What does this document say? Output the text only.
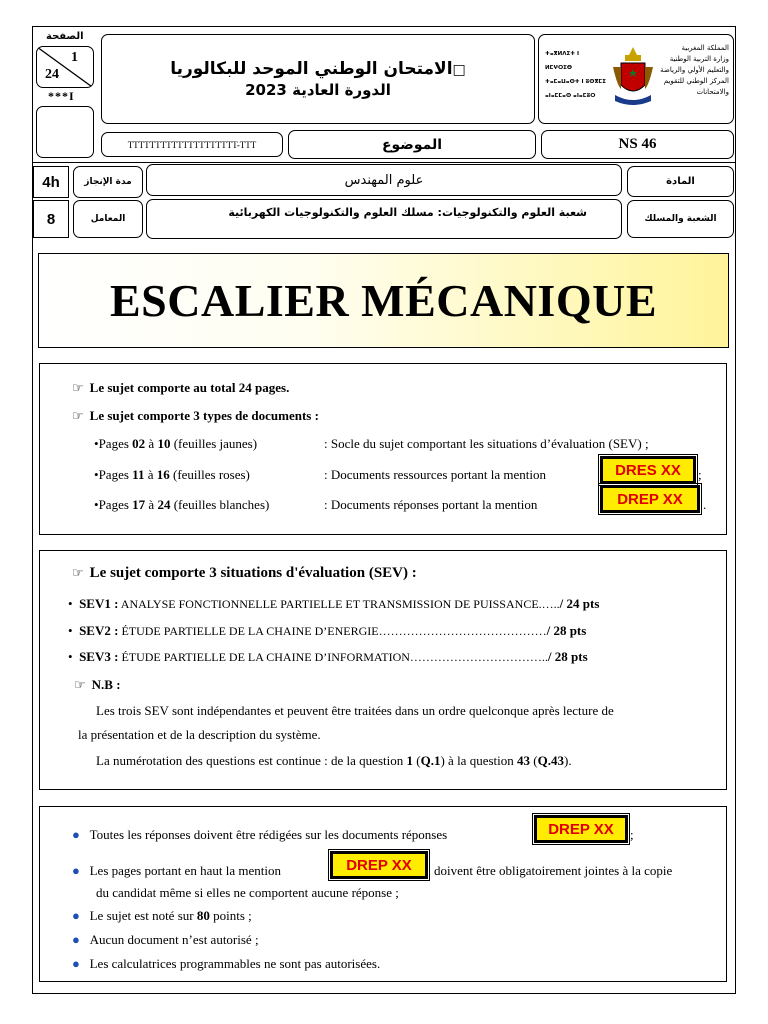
الصفحة
1
24
***I
□الامتحان الوطني الموحد للبكالوريا
الدورة العادية 2023
ⵜⴰⴳⵍⴷⵉⵜ ⵏ ⵍⵎⵖⵔⵉⴱ
ⵜⴰⵎⴰⵡⴰⵙⵜ ⵏ ⵓⵙⴳⵎⵉ
ⴰⵏⴰⵎⵎⴰⵙ ⴰⵏⴰⵎⵓⵔ
المملكة المغربية
وزارة التربية الوطنية
والتعليم الأولي والرياضة
المركز الوطني للتقويم والامتحانات
TTTTTTTTTTTTTTTTTTTT-TTT	الموضوع	NS 46
4h	مدة الإنجاز	علوم المهندس	المادة
8	المعامل	شعبة العلوم والتكنولوجيات: مسلك العلوم والتكنولوجيات الكهربائية	الشعبة والمسلك
ESCALIER MÉCANIQUE
☞ Le sujet comporte au total 24 pages.
☞ Le sujet comporte 3 types de documents :
•Pages 02 à 10 (feuilles jaunes)	: Socle du sujet comportant les situations d’évaluation (SEV) ;
•Pages 11 à 16 (feuilles roses)	: Documents ressources portant la mention	DRES XX	;
•Pages 17 à 24 (feuilles blanches)	: Documents réponses portant la mention	DREP XX	.
☞ Le sujet comporte 3 situations d'évaluation (SEV) :
• SEV1 : ANALYSE FONCTIONNELLE PARTIELLE ET TRANSMISSION DE PUISSANCE.…../ 24 pts
• SEV2 : ÉTUDE PARTIELLE DE LA CHAINE D’ENERGIE……………………………………/ 28 pts
• SEV3 : ÉTUDE PARTIELLE DE LA CHAINE D’INFORMATION……………………………../ 28 pts
☞ N.B :
Les trois SEV sont indépendantes et peuvent être traitées dans un ordre quelconque après lecture de
la présentation et de la description du système.
La numérotation des questions est continue : de la question 1 (Q.1) à la question 43 (Q.43).
● Toutes les réponses doivent être rédigées sur les documents réponses	DREP XX	;
● Les pages portant en haut la mention	DREP XX	doivent être obligatoirement jointes à la copie
du candidat même si elles ne comportent aucune réponse ;
● Le sujet est noté sur 80 points ;
● Aucun document n’est autorisé ;
● Les calculatrices programmables ne sont pas autorisées.
